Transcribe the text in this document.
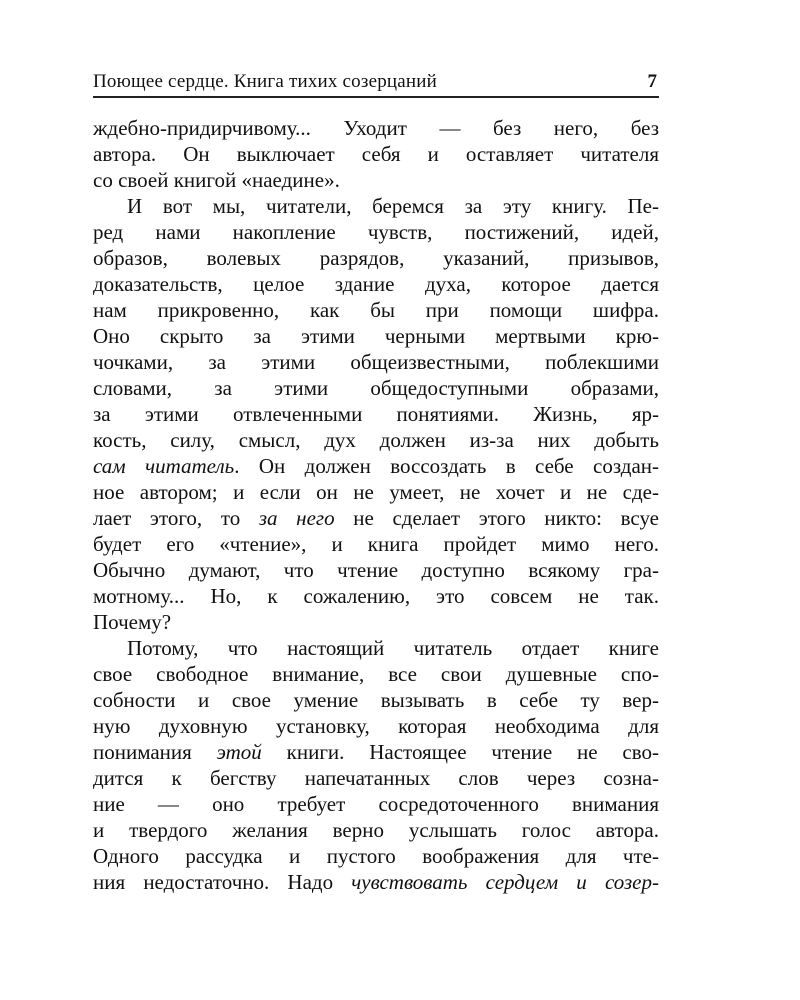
Поющее сердце. Книга тихих созерцаний	7
ждебно-придирчивому... Уходит — без него, без
автора. Он выключает себя и оставляет читателя
со своей книгой «наедине».
И вот мы, читатели, беремся за эту книгу. Пе-
ред нами накопление чувств, постижений, идей,
образов, волевых разрядов, указаний, призывов,
доказательств, целое здание духа, которое дается
нам прикровенно, как бы при помощи шифра.
Оно скрыто за этими черными мертвыми крю-
чочками, за этими общеизвестными, поблекшими
словами, за этими общедоступными образами,
за этими отвлеченными понятиями. Жизнь, яр-
кость, силу, смысл, дух должен из-за них добыть
сам читатель. Он должен воссоздать в себе создан-
ное автором; и если он не умеет, не хочет и не сде-
лает этого, то за него не сделает этого никто: всуе
будет его «чтение», и книга пройдет мимо него.
Обычно думают, что чтение доступно всякому гра-
мотному... Но, к сожалению, это совсем не так.
Почему?
Потому, что настоящий читатель отдает книге
свое свободное внимание, все свои душевные спо-
собности и свое умение вызывать в себе ту вер-
ную духовную установку, которая необходима для
понимания этой книги. Настоящее чтение не сво-
дится к бегству напечатанных слов через созна-
ние — оно требует сосредоточенного внимания
и твердого желания верно услышать голос автора.
Одного рассудка и пустого воображения для чте-
ния недостаточно. Надо чувствовать сердцем и созер-
